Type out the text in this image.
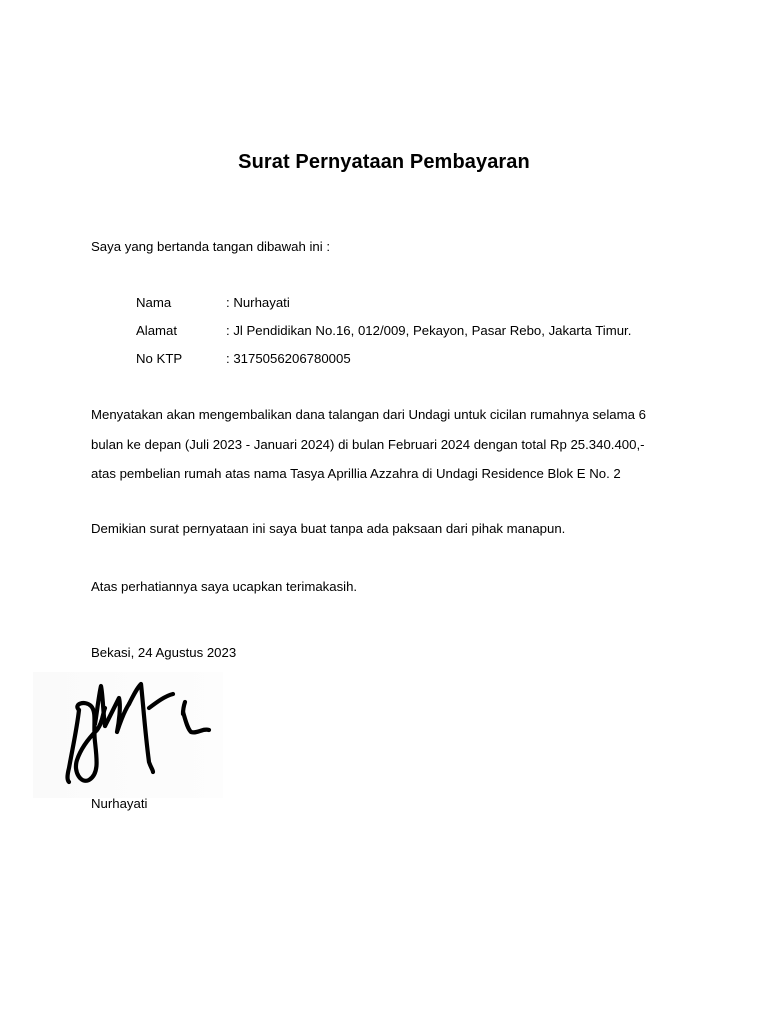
Surat Pernyataan Pembayaran
Saya yang bertanda tangan dibawah ini :
Nama	: Nurhayati
Alamat	: Jl Pendidikan No.16, 012/009, Pekayon, Pasar Rebo, Jakarta Timur.
No KTP	: 3175056206780005
Menyatakan akan mengembalikan dana talangan dari Undagi untuk cicilan rumahnya selama 6
bulan ke depan (Juli 2023 - Januari 2024) di bulan Februari 2024 dengan total Rp 25.340.400,-
atas pembelian rumah atas nama Tasya Aprillia Azzahra di Undagi Residence Blok E No. 2
Demikian surat pernyataan ini saya buat tanpa ada paksaan dari pihak manapun.
Atas perhatiannya saya ucapkan terimakasih.
Bekasi, 24 Agustus 2023
Nurhayati
